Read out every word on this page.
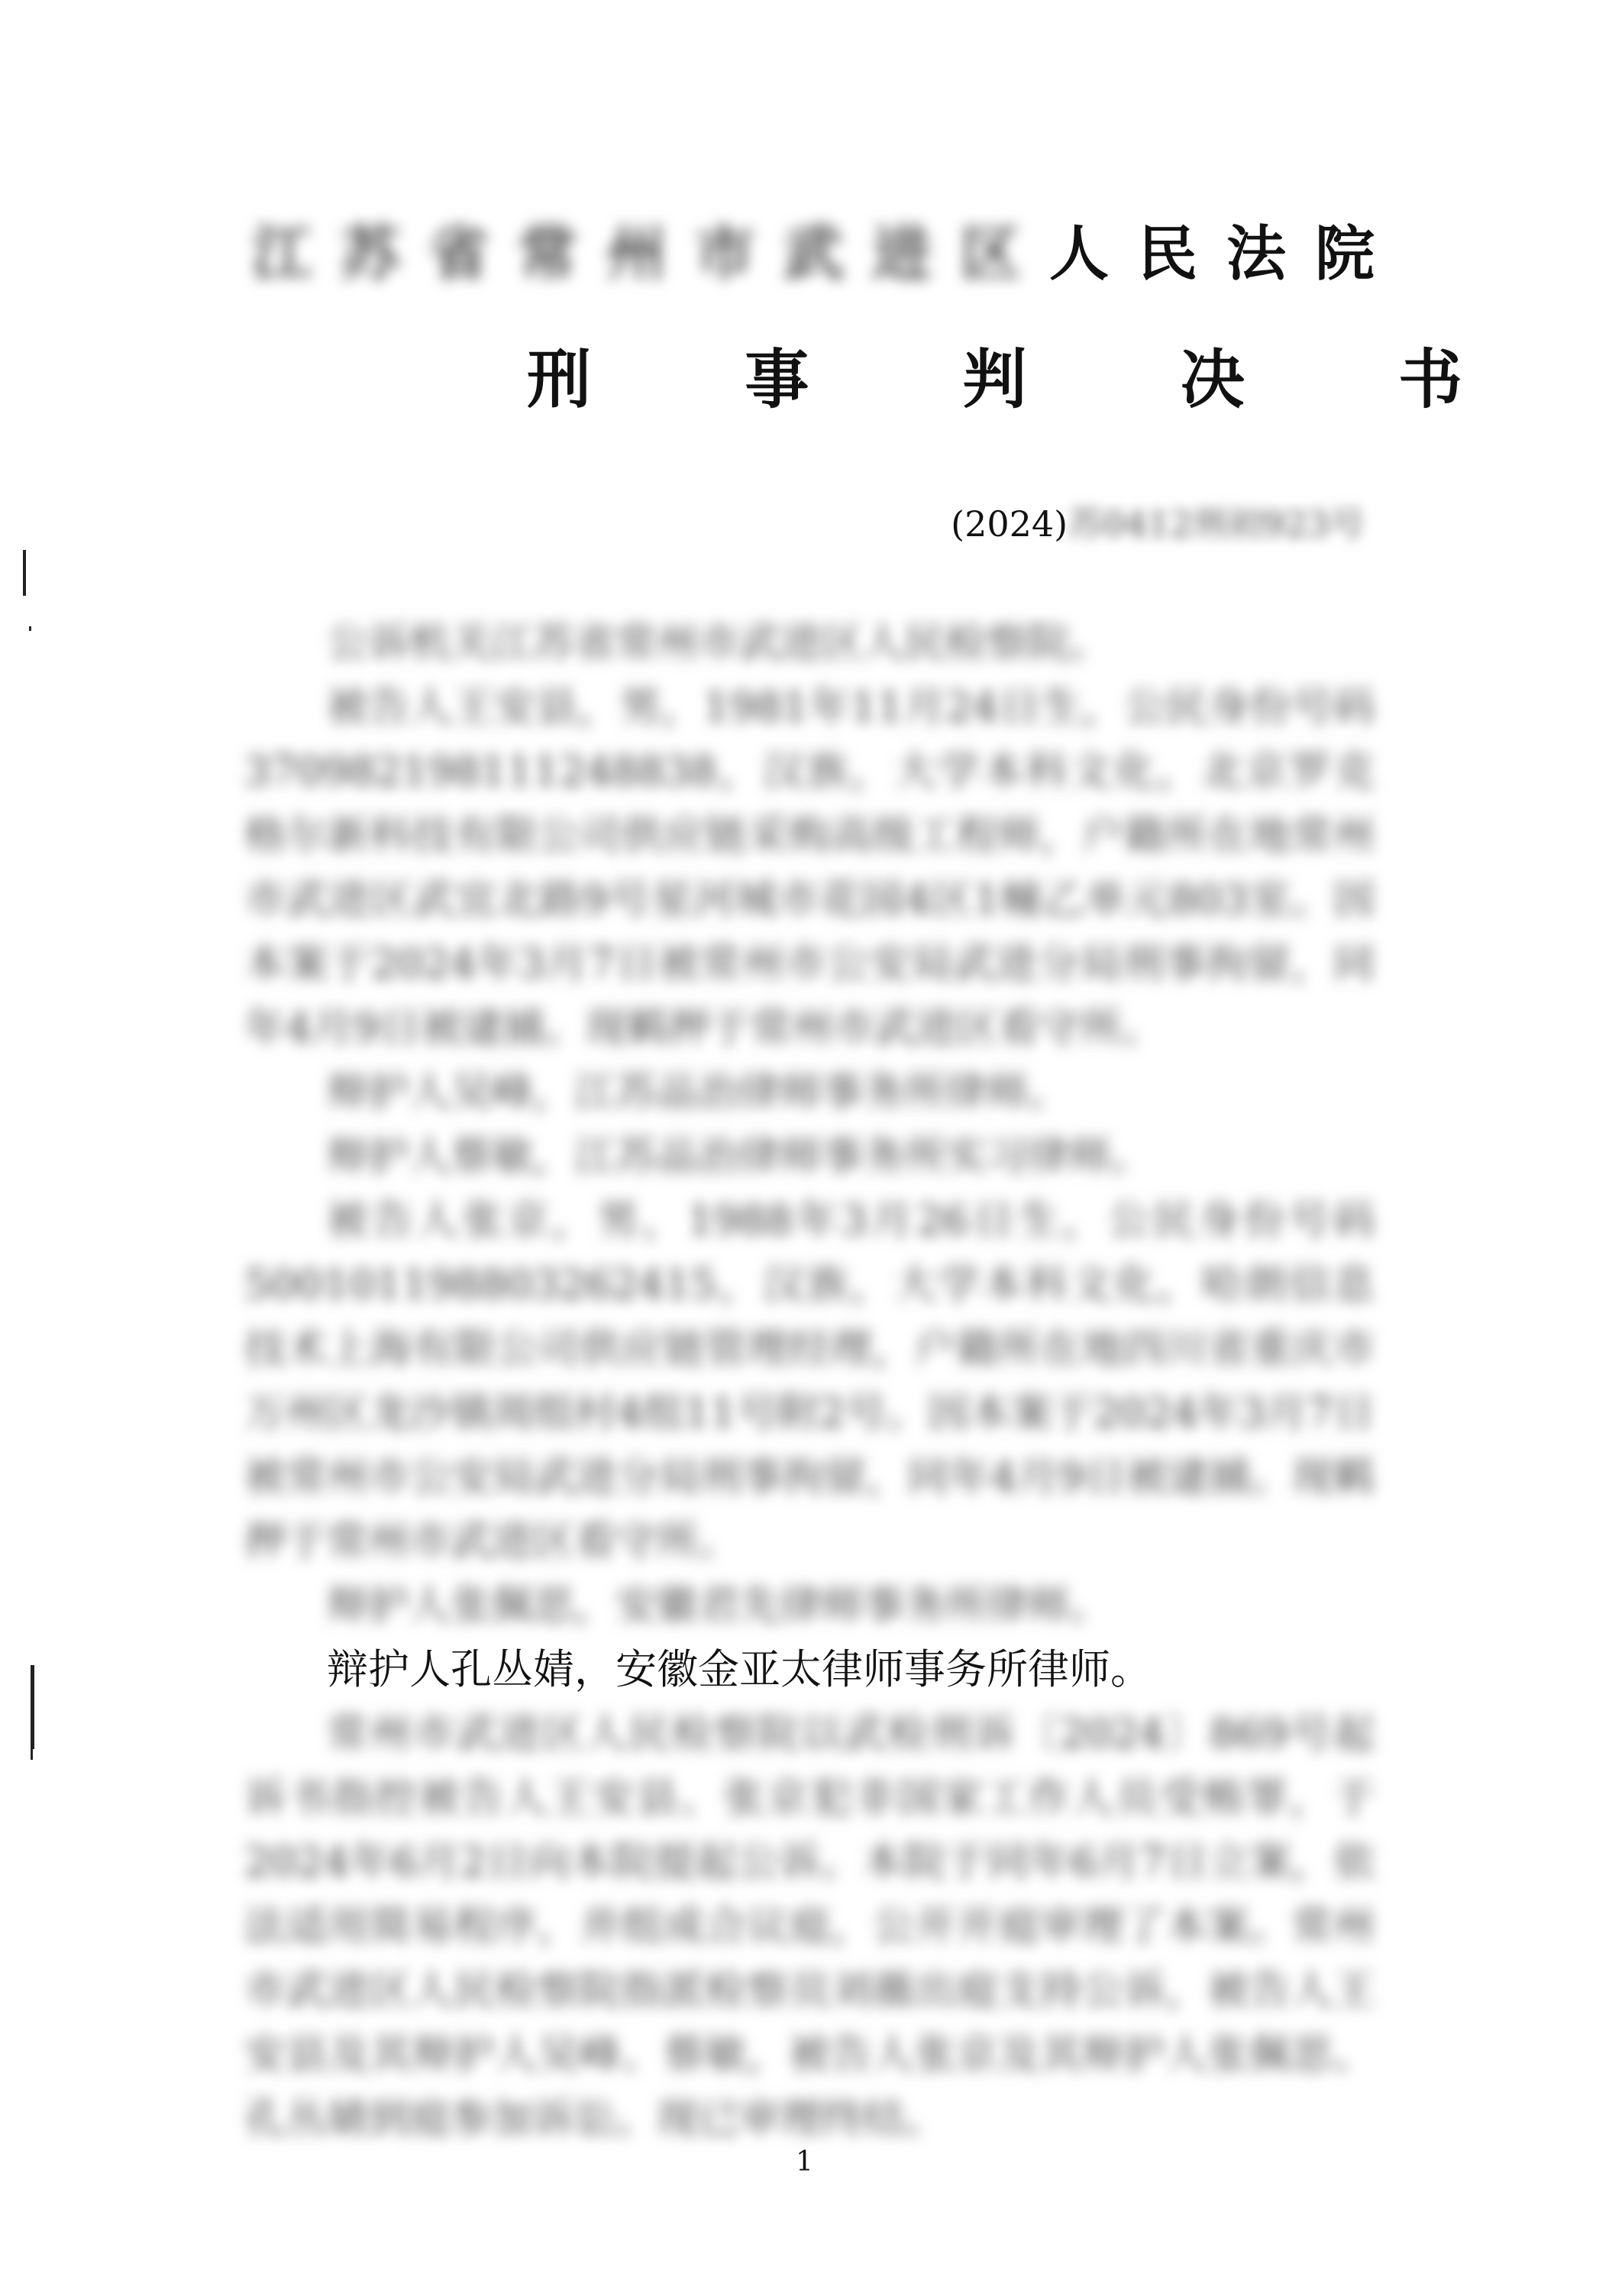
江苏省常州市武进区人民法院
刑 事 判 决 书
(2024)苏0412刑初923号

公诉机关江苏省常州市武进区人民检察院。

被告人王安县，男，1981年11月24日生，公民身份号码370982198111248838，汉族，大学本科文化，北京罗克格尔新科技有限公司供应链采购高级工程师，户籍所在地常州市武进区武宜北路9号星河城市花园4区1幢乙单元803室。因本案于2024年3月7日被常州市公安局武进分局刑事拘留，同年4月9日被逮捕。现羁押于常州市武进区看守所。

辩护人吴峰，江苏品治律师事务所律师。

辩护人蔡敏，江苏品治律师事务所实习律师。

被告人张京，男，1988年3月26日生，公民身份号码500101198803262415，汉族，大学本科文化，哈朗信息技术上海有限公司供应链管理经理，户籍所在地四川省重庆市万州区龙沙镇周组村4组11号附2号。因本案于2024年3月7日被常州市公安局武进分局刑事拘留，同年4月9日被逮捕。现羁押于常州市武进区看守所。

辩护人张佩思，安徽君先律师事务所律师。

辩护人孔丛婧，安徽金亚太律师事务所律师。

常州市武进区人民检察院以武检刑诉〔2024〕869号起诉书指控被告人王安县、张京犯非国家工作人员受贿罪，于2024年6月2日向本院提起公诉。本院于同年6月7日立案，依法适用简易程序，并组成合议庭，公开开庭审理了本案。常州市武进区人民检察院指派检察员刘薇出庭支持公诉，被告人王安县及其辩护人吴峰、蔡敏，被告人张京及其辩护人张佩思、孔丛婧到庭参加诉讼。现已审理终结。

1
